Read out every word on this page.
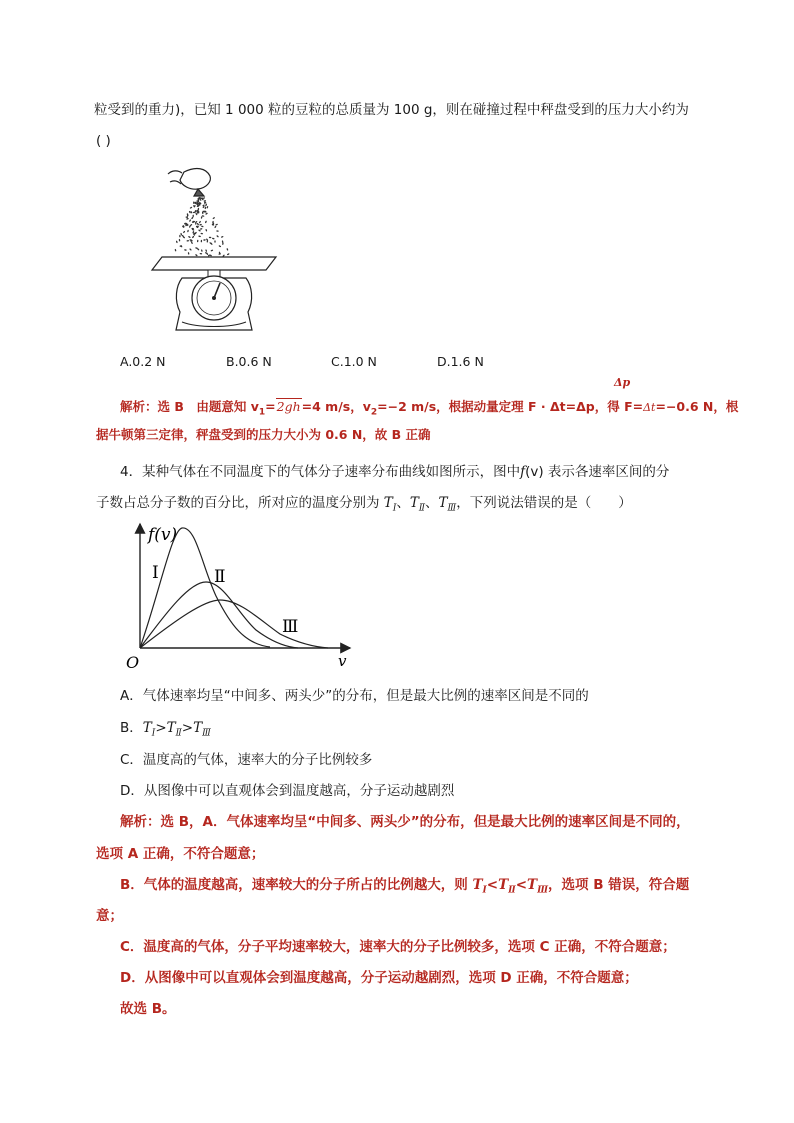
粒受到的重力)，已知 1 000 粒的豆粒的总质量为 100 g，则在碰撞过程中秤盘受到的压力大小约为
( )
A.0.2 N	B.0.6 N	C.1.0 N	D.1.6 N
Δp
解析：选 B　由题意知 $v_1=2gh=4$ m/s，$v_2=-2$ m/s，根据动量定理 F · Δt=Δp，得 F=Δt=−0.6 N，根
据牛顿第三定律，秤盘受到的压力大小为 0.6 N，故 B 正确
4．某种气体在不同温度下的气体分子速率分布曲线如图所示，图中f(v) 表示各速率区间的分
子数占总分子数的百分比，所对应的温度分别为 $T_Ⅰ$、$T_Ⅱ$、$T_Ⅲ$，下列说法错误的是（　　）
f(v)
v
O
Ⅰ	Ⅱ
Ⅲ
A．气体速率均呈“中间多、两头少”的分布，但是最大比例的速率区间是不同的
B．$T_Ⅰ>T_Ⅱ>T_Ⅲ$
C．温度高的气体，速率大的分子比例较多
D．从图像中可以直观体会到温度越高，分子运动越剧烈
解析：选 B，A．气体速率均呈“中间多、两头少”的分布，但是最大比例的速率区间是不同的，
选项 A 正确，不符合题意；
B．气体的温度越高，速率较大的分子所占的比例越大，则 $T_Ⅰ<T_Ⅱ<T_Ⅲ$，选项 B 错误，符合题
意；
C．温度高的气体，分子平均速率较大，速率大的分子比例较多，选项 C 正确，不符合题意；
D．从图像中可以直观体会到温度越高，分子运动越剧烈，选项 D 正确，不符合题意；
故选 B。
